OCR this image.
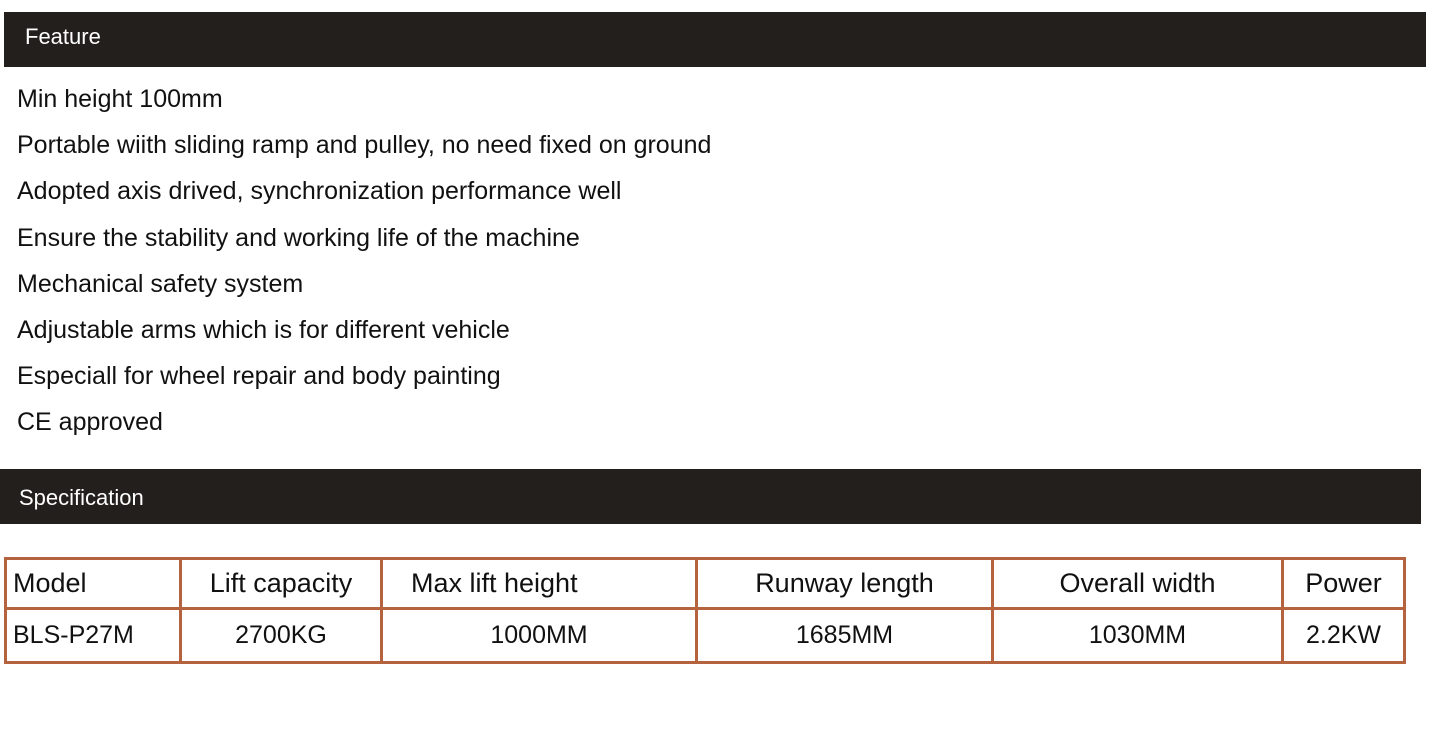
Feature
Min height 100mm
Portable wiith sliding ramp and pulley, no need fixed on ground
Adopted axis drived, synchronization performance well
Ensure the stability and working life of the machine
Mechanical safety system
Adjustable arms which is for different vehicle
Especiall for wheel repair and body painting
CE approved
Specification
Model	Lift capacity	Max lift height	Runway length	Overall width	Power
BLS-P27M	2700KG	1000MM	1685MM	1030MM	2.2KW
